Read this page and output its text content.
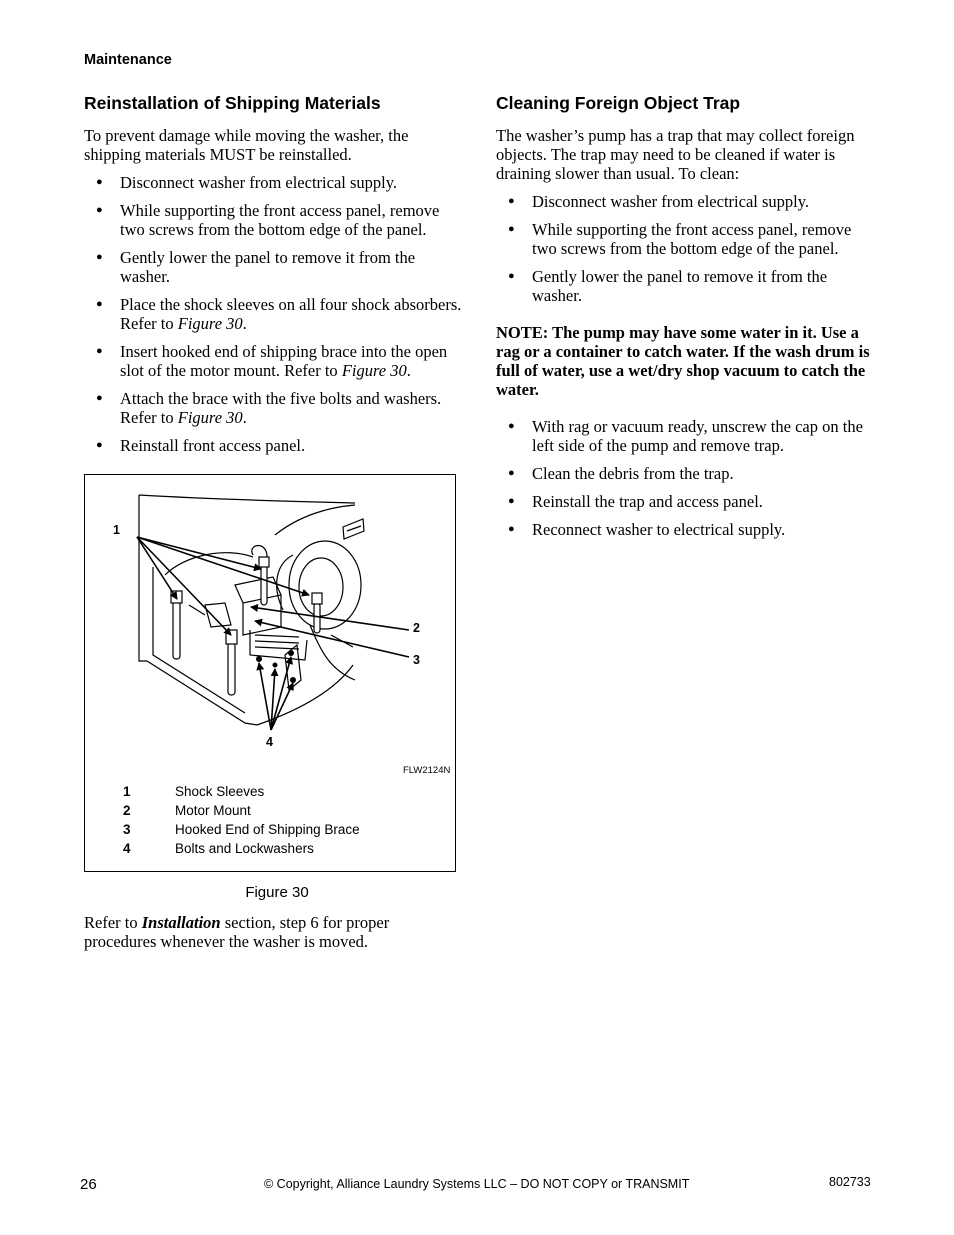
Maintenance
Reinstallation of Shipping Materials

To prevent damage while moving the washer, the shipping materials MUST be reinstalled.

● Disconnect washer from electrical supply.
● While supporting the front access panel, remove two screws from the bottom edge of the panel.
● Gently lower the panel to remove it from the washer.
● Place the shock sleeves on all four shock absorbers. Refer to Figure 30.
● Insert hooked end of shipping brace into the open slot of the motor mount. Refer to Figure 30.
● Attach the brace with the five bolts and washers. Refer to Figure 30.
● Reinstall front access panel.
1
2
3
4
FLW2124N
1	Shock Sleeves
2	Motor Mount
3	Hooked End of Shipping Brace
4	Bolts and Lockwashers
Figure 30

Refer to Installation section, step 6 for proper procedures whenever the washer is moved.

Cleaning Foreign Object Trap

The washer’s pump has a trap that may collect foreign objects. The trap may need to be cleaned if water is draining slower than usual. To clean:

● Disconnect washer from electrical supply.
● While supporting the front access panel, remove two screws from the bottom edge of the panel.
● Gently lower the panel to remove it from the washer.

NOTE: The pump may have some water in it. Use a rag or a container to catch water. If the wash drum is full of water, use a wet/dry shop vacuum to catch the water.

● With rag or vacuum ready, unscrew the cap on the left side of the pump and remove trap.
● Clean the debris from the trap.
● Reinstall the trap and access panel.
● Reconnect washer to electrical supply.
26	© Copyright, Alliance Laundry Systems LLC – DO NOT COPY or TRANSMIT	802733
